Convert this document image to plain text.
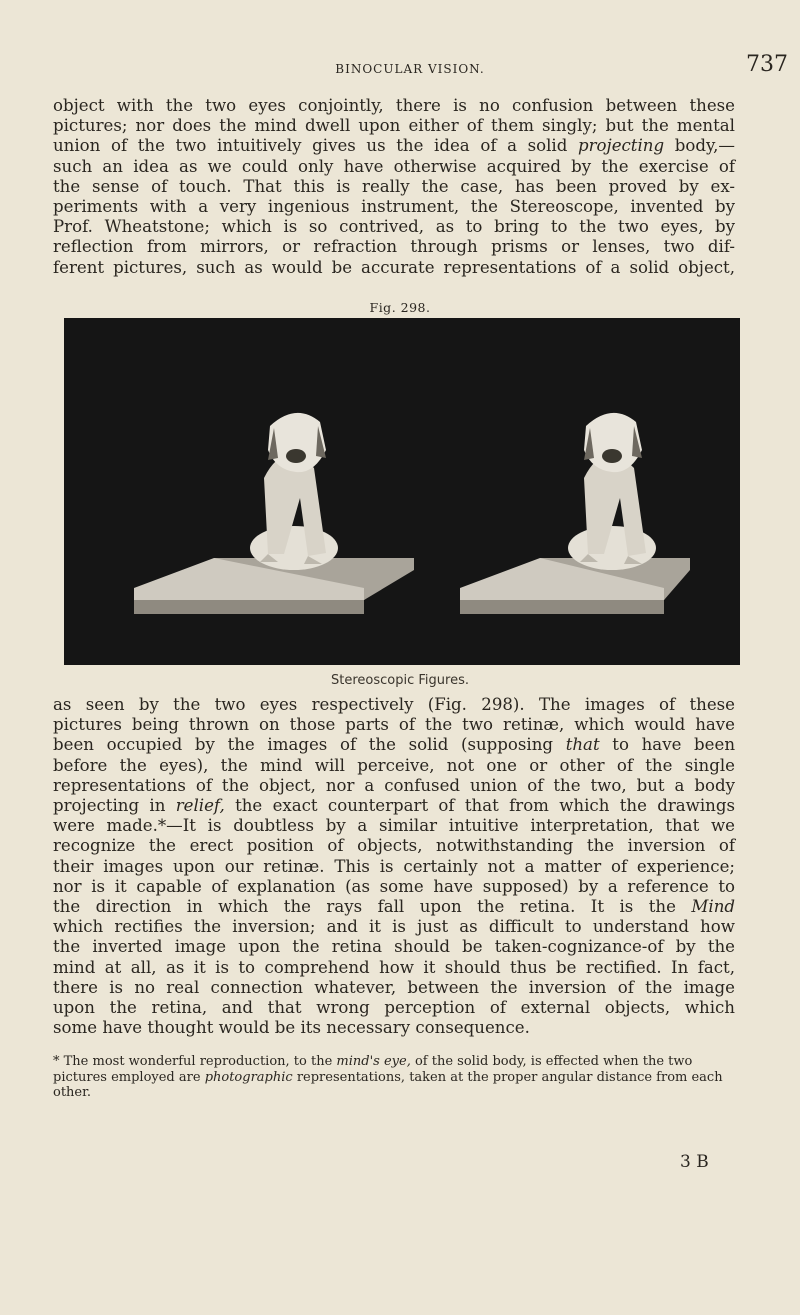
BINOCULAR VISION.	737
object with the two eyes conjointly, there is no confusion between these
pictures; nor does the mind dwell upon either of them singly; but the mental
union of the two intuitively gives us the idea of a solid projecting body,—
such an idea as we could only have otherwise acquired by the exercise of
the sense of touch. That this is really the case, has been proved by ex-
periments with a very ingenious instrument, the Stereoscope, invented by
Prof. Wheatstone; which is so contrived, as to bring to the two eyes, by
reflection from mirrors, or refraction through prisms or lenses, two dif-
ferent pictures, such as would be accurate representations of a solid object,
Fig. 298.
Stereoscopic Figures.
as seen by the two eyes respectively (Fig. 298). The images of these
pictures being thrown on those parts of the two retinæ, which would have
been occupied by the images of the solid (supposing that to have been
before the eyes), the mind will perceive, not one or other of the single
representations of the object, nor a confused union of the two, but a body
projecting in relief, the exact counterpart of that from which the drawings
were made.*—It is doubtless by a similar intuitive interpretation, that we
recognize the erect position of objects, notwithstanding the inversion of
their images upon our retinæ. This is certainly not a matter of experience;
nor is it capable of explanation (as some have supposed) by a reference to
the direction in which the rays fall upon the retina. It is the Mind
which rectifies the inversion; and it is just as difficult to understand how
the inverted image upon the retina should be taken-cognizance-of by the
mind at all, as it is to comprehend how it should thus be rectified. In fact,
there is no real connection whatever, between the inversion of the image
upon the retina, and that wrong perception of external objects, which
some have thought would be its necessary consequence.
* The most wonderful reproduction, to the mind's eye, of the solid body, is effected when the two pictures employed are photographic representations, taken at the proper angular distance from each other.
3 B
